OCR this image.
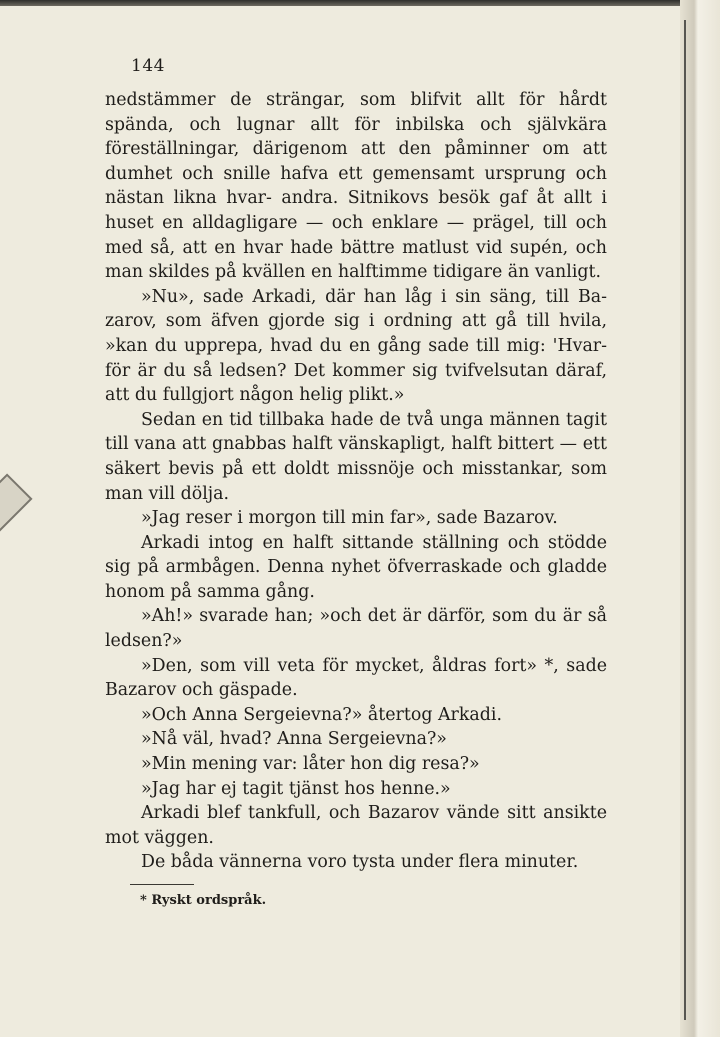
144

nedstämmer de strängar, som blifvit allt för hårdt spända, och lugnar allt för inbilska och självkära föreställningar, därigenom att den påminner om att dumhet och snille hafva ett gemensamt ursprung och nästan likna hvar- andra. Sitnikovs besök gaf åt allt i huset en alldagligare — och enklare — prägel, till och med så, att en hvar hade bättre matlust vid supén, och man skildes på kvällen en halftimme tidigare än vanligt.

»Nu», sade Arkadi, där han låg i sin säng, till Ba- zarov, som äfven gjorde sig i ordning att gå till hvila, »kan du upprepa, hvad du en gång sade till mig: 'Hvar- för är du så ledsen? Det kommer sig tvifvelsutan däraf, att du fullgjort någon helig plikt.»

Sedan en tid tillbaka hade de två unga männen tagit till vana att gnabbas halft vänskapligt, halft bittert — ett säkert bevis på ett doldt missnöje och misstankar, som man vill dölja.

»Jag reser i morgon till min far», sade Bazarov.

Arkadi intog en halft sittande ställning och stödde sig på armbågen. Denna nyhet öfverraskade och gladde honom på samma gång.

»Ah!» svarade han; »och det är därför, som du är så ledsen?»

»Den, som vill veta för mycket, åldras fort» *, sade Bazarov och gäspade.

»Och Anna Sergeievna?» återtog Arkadi.

»Nå väl, hvad? Anna Sergeievna?»

»Min mening var: låter hon dig resa?»

»Jag har ej tagit tjänst hos henne.»

Arkadi blef tankfull, och Bazarov vände sitt ansikte mot väggen.

De båda vännerna voro tysta under flera minuter.

* Ryskt ordspråk.
